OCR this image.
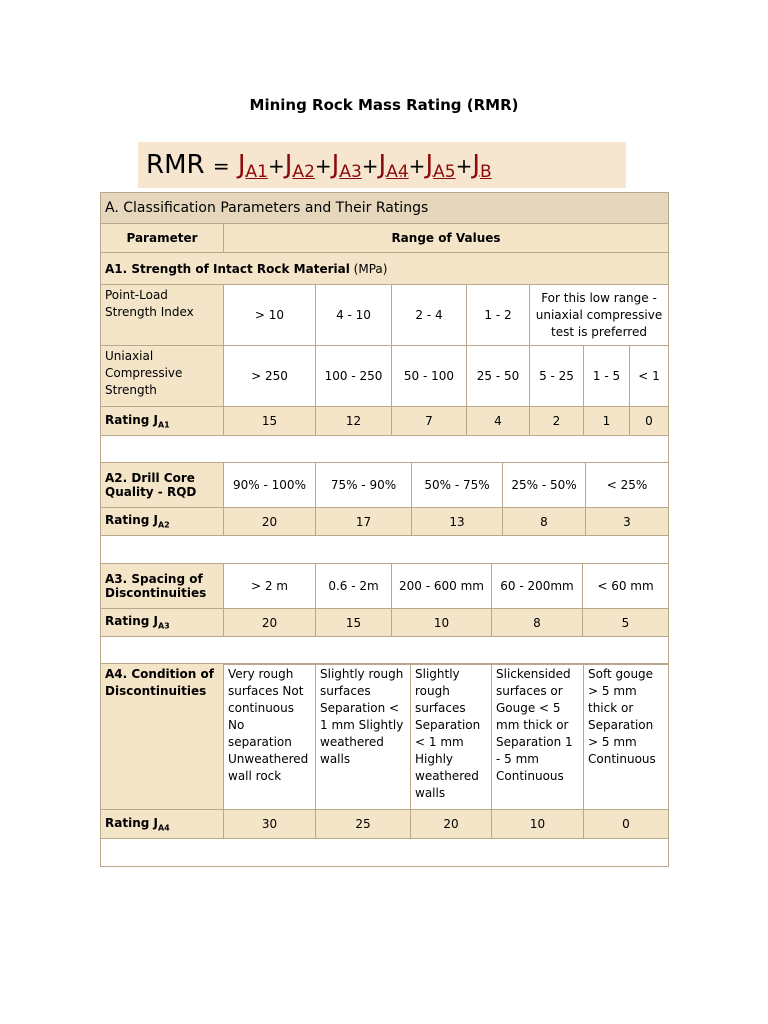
Mining Rock Mass Rating (RMR)
RMR = $J_{A1}+J_{A2}+J_{A3}+J_{A4}+J_{A5}+J_B$
A. Classification Parameters and Their Ratings
Parameter	Range of Values
A1. Strength of Intact Rock Material (MPa)
Point-Load Strength Index	> 10	4 - 10	2 - 4	1 - 2	For this low range - uniaxial compressive test is preferred		
Uniaxial Compressive Strength	> 250	100 - 250	50 - 100	25 - 50	5 - 25	1 - 5	< 1
Rating $J_{A1}$	15	12	7	4	2	1	0

A2. Drill Core Quality - RQD	90% - 100%	75% - 90%	50% - 75%	25% - 50%	< 25%
Rating $J_{A2}$	20	17	13	8	3

A3. Spacing of Discontinuities	> 2 m	0.6 - 2m	200 - 600 mm	60 - 200mm	< 60 mm
Rating $J_{A3}$	20	15	10	8	5

A4. Condition of Discontinuities	Very rough surfaces Not continuous No separation Unweathered wall rock	Slightly rough surfaces Separation < 1 mm Slightly weathered walls	Slightly rough surfaces Separation < 1 mm Highly weathered walls	Slickensided surfaces or Gouge < 5 mm thick or Separation 1 - 5 mm Continuous	Soft gouge > 5 mm thick or Separation > 5 mm Continuous
Rating $J_{A4}$	30	25	20	10	0
